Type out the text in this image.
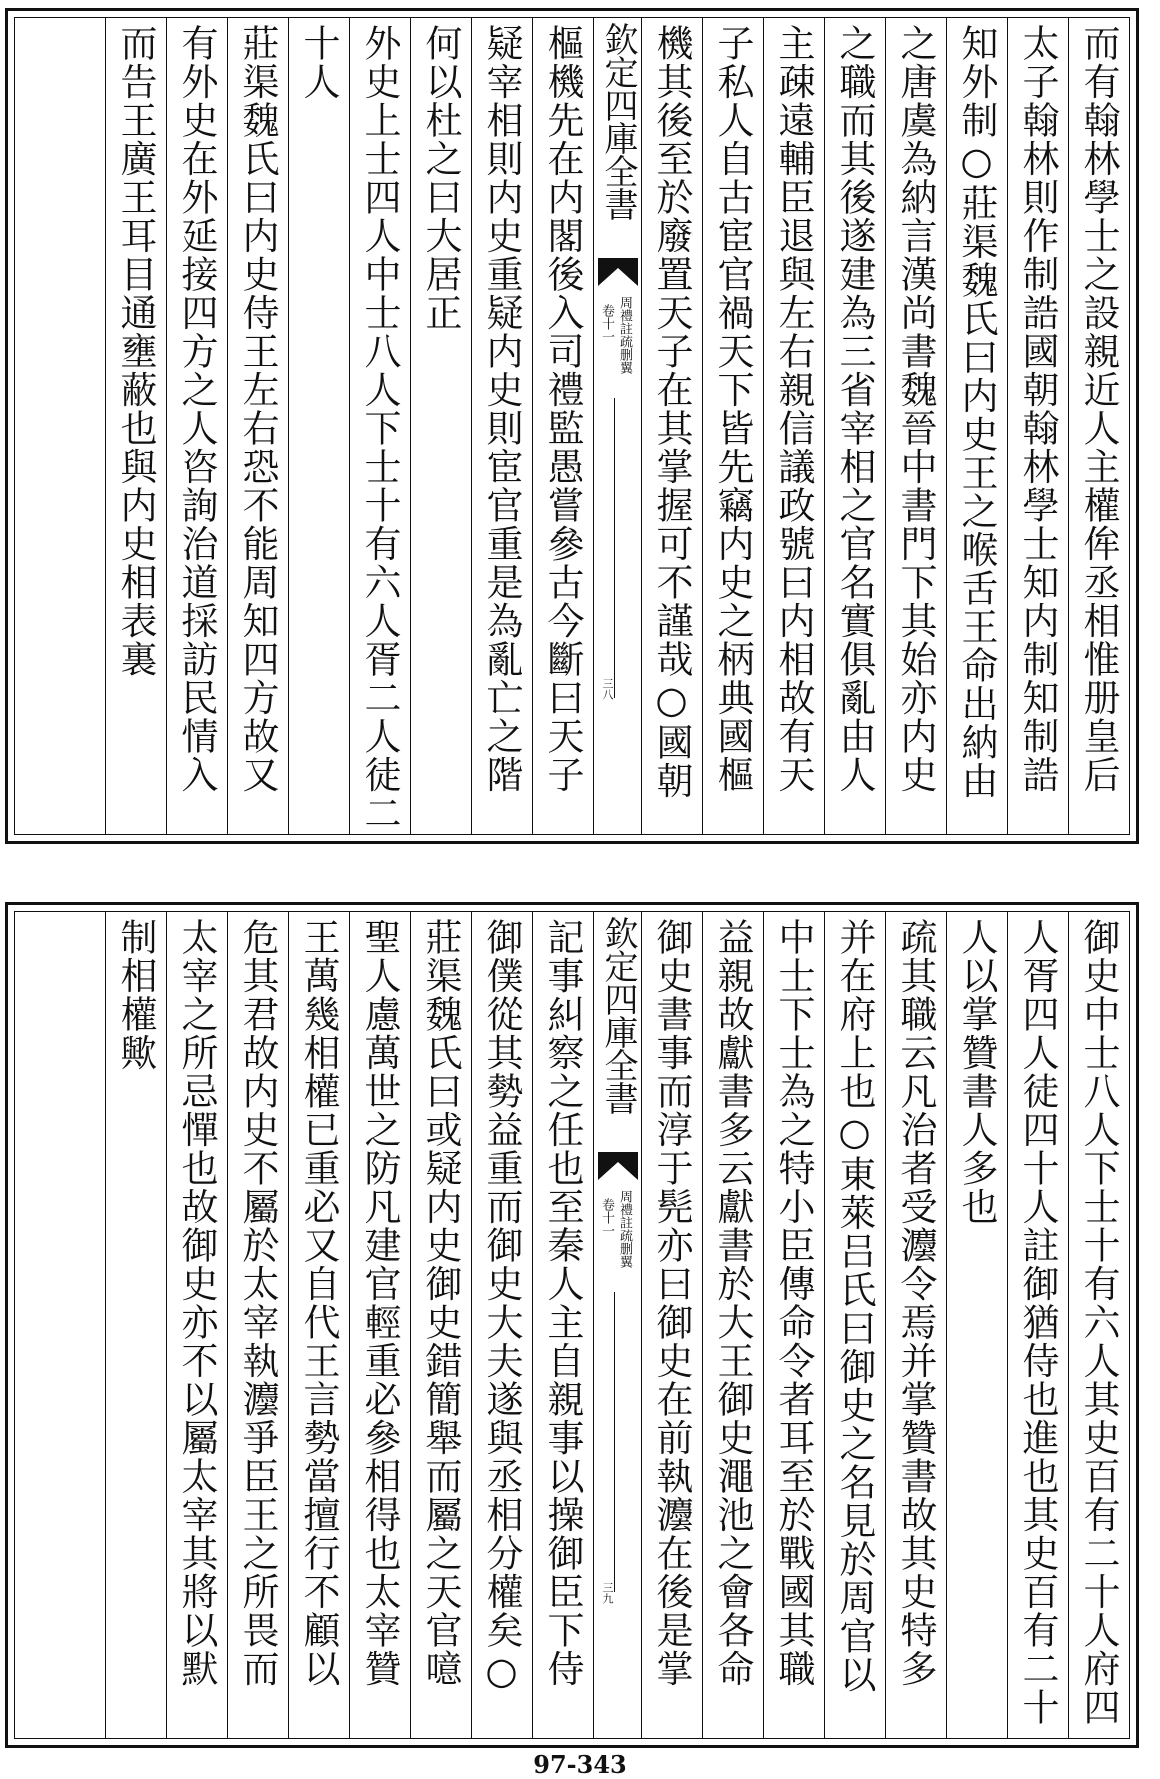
而有翰林學士之設親近人主權侔丞相惟册皇后
太子翰林則作制誥國朝翰林學士知内制知制誥
知外制○莊渠魏氏曰内史王之喉舌王命出納由
之唐虞為納言漢尚書魏晉中書門下其始亦内史
之職而其後遂建為三省宰相之官名實俱亂由人
主疎遠輔臣退與左右親信議政號曰内相故有天
子私人自古宦官禍天下皆先竊内史之柄典國樞
機其後至於廢置天子在其掌握可不謹哉○國朝
欽定四庫全書
周禮註疏删翼
卷十一
三八
樞機先在内閣後入司禮監愚嘗參古今斷曰天子
疑宰相則内史重疑内史則宦官重是為亂亡之階
何以杜之曰大居正
外史上士四人中士八人下士十有六人胥二人徒二
十人
莊渠魏氏曰内史侍王左右恐不能周知四方故又
有外史在外延接四方之人咨詢治道採訪民情入
而告王廣王耳目通壅蔽也與内史相表裏
御史中士八人下士十有六人其史百有二十人府四
人胥四人徒四十人註御猶侍也進也其史百有二十
人以掌贊書人多也
疏其職云凡治者受灋令焉并掌贊書故其史特多
并在府上也○東萊吕氏曰御史之名見於周官以
中士下士為之特小臣傳命令者耳至於戰國其職
益親故獻書多云獻書於大王御史澠池之會各命
御史書事而淳于髡亦曰御史在前執灋在後是掌
欽定四庫全書
周禮註疏删翼
卷十一
三九
記事糾察之任也至秦人主自親事以操御臣下侍
御僕從其勢益重而御史大夫遂與丞相分權矣○
莊渠魏氏曰或疑内史御史錯簡舉而屬之天官噫
聖人慮萬世之防凡建官輕重必參相得也太宰贊
王萬幾相權已重必又自代王言勢當擅行不顧以
危其君故内史不屬於太宰執灋爭臣王之所畏而
太宰之所忌憚也故御史亦不以屬太宰其將以默
制相權歟
97-343
